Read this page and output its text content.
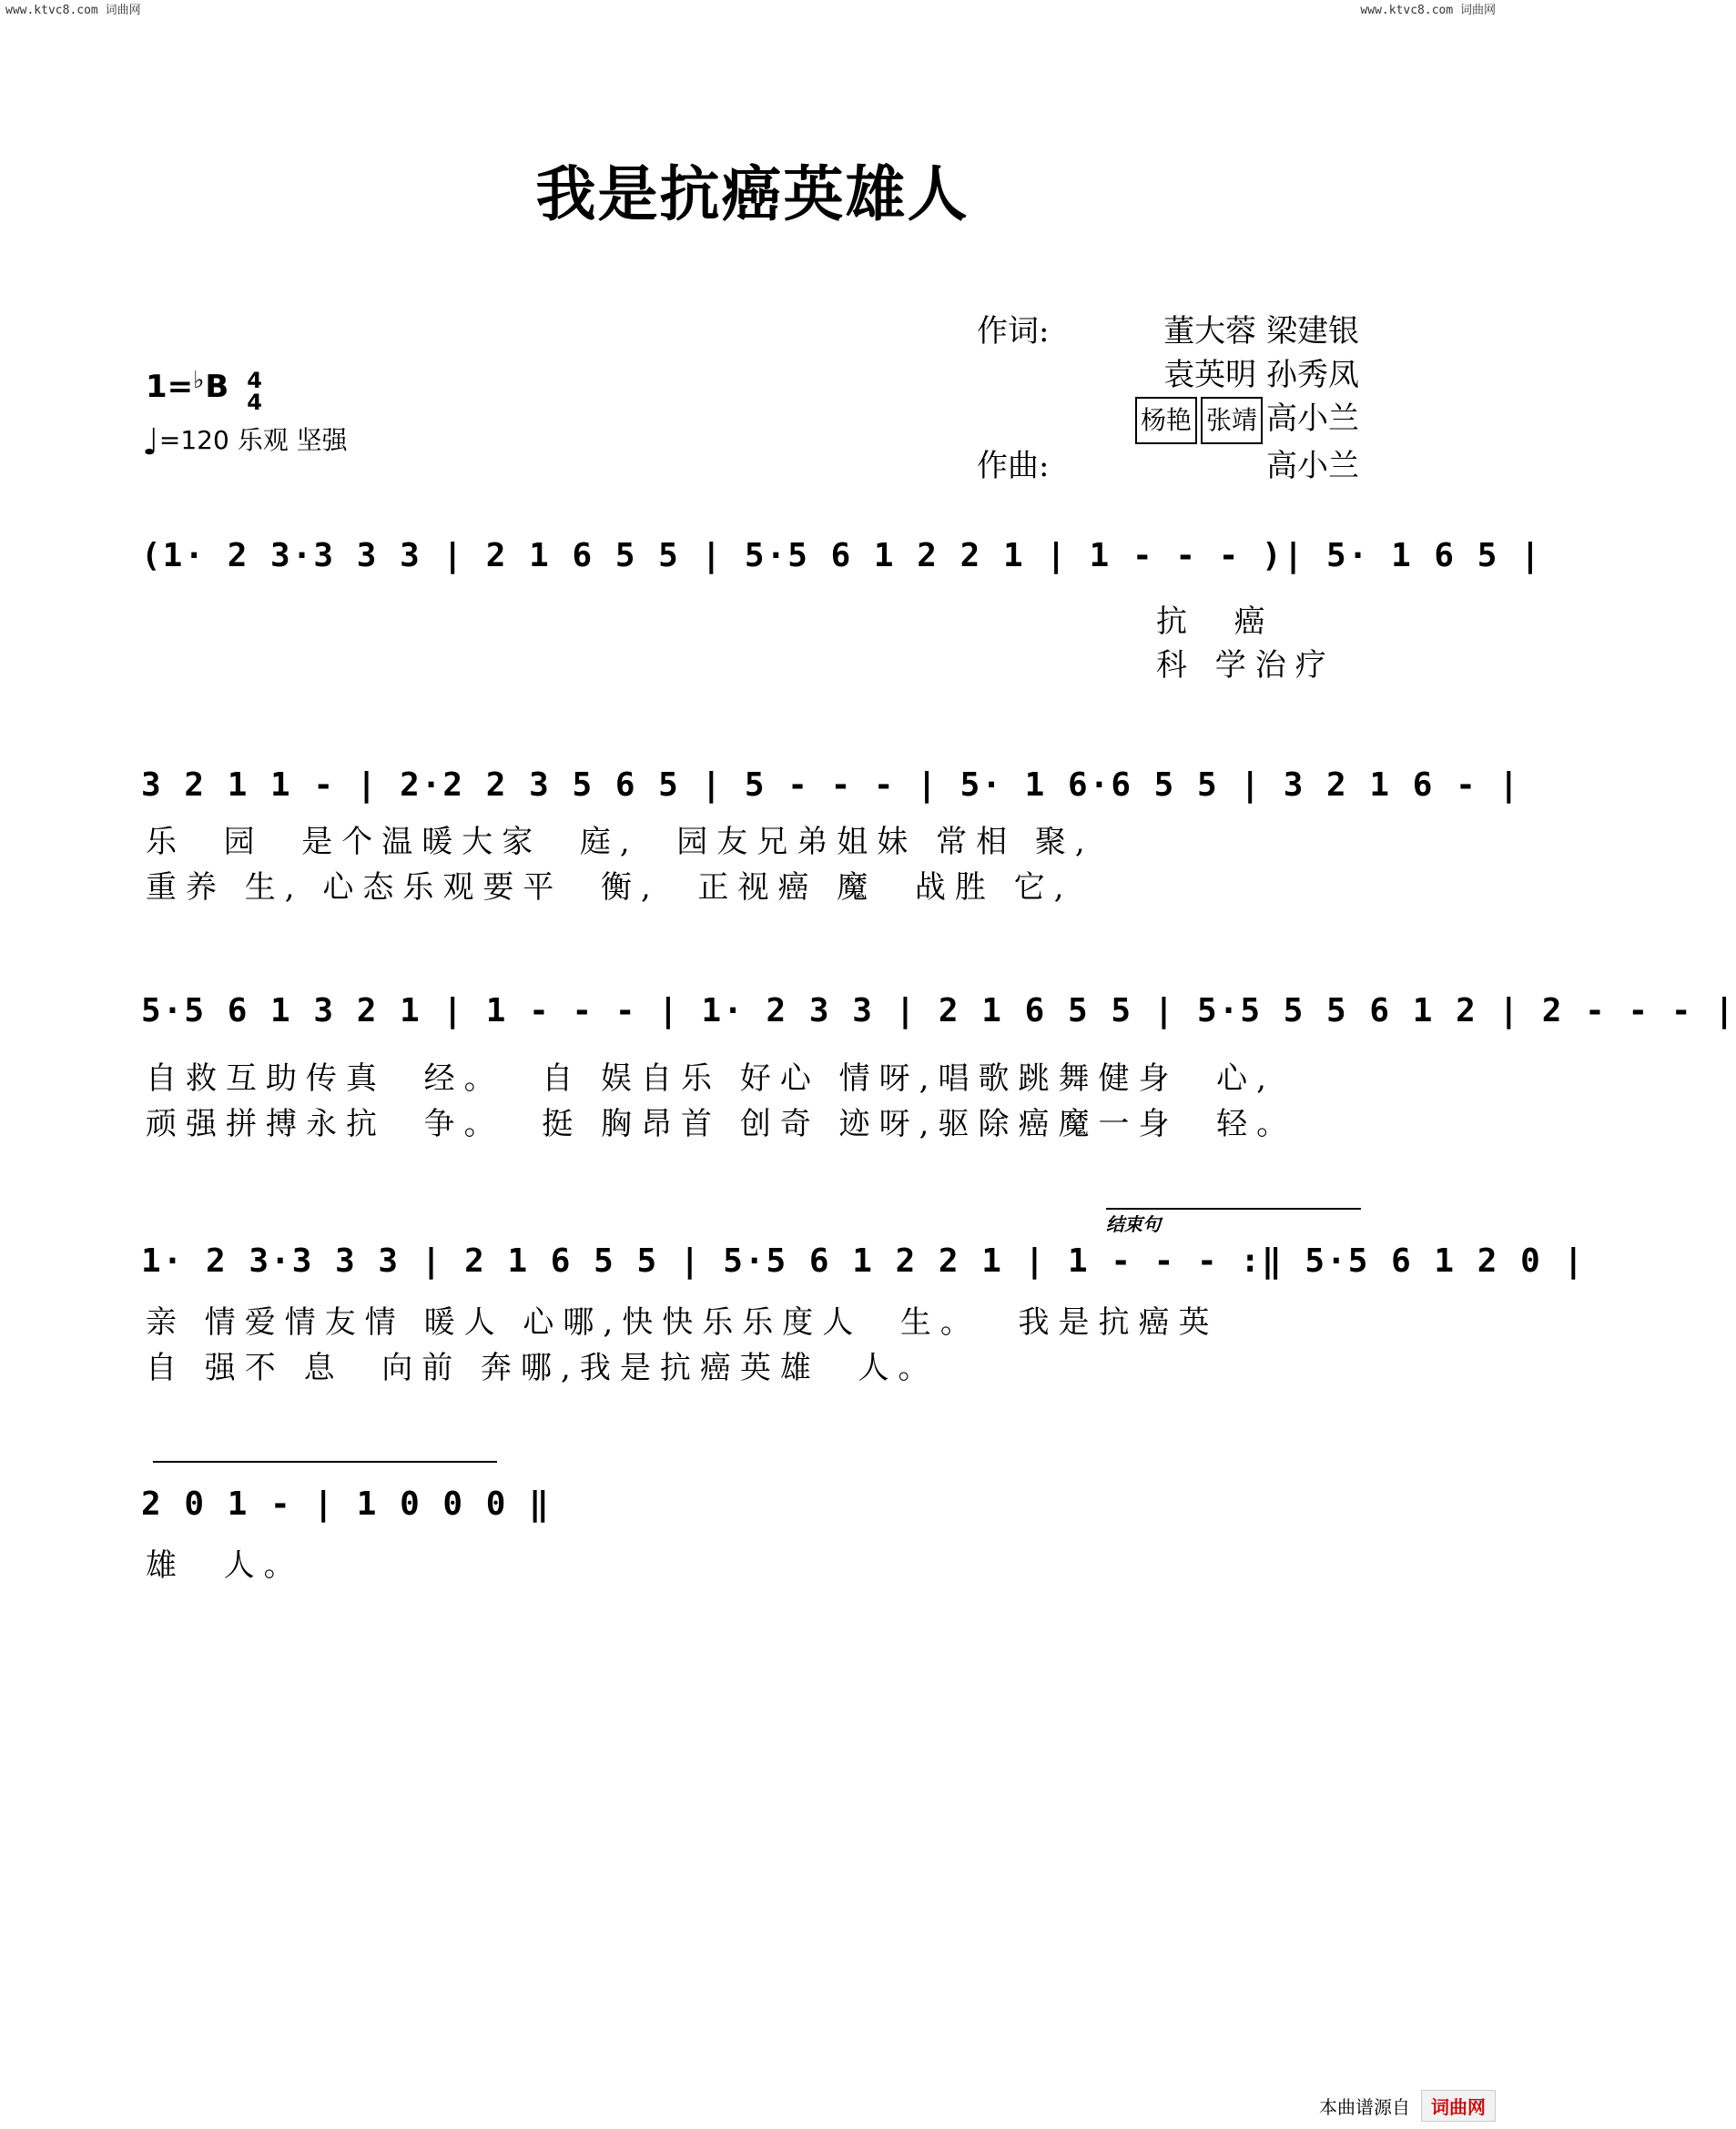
www.ktvc8.com 词曲网	www.ktvc8.com 词曲网
我是抗癌英雄人
作词:	董大蓉 梁建银
袁英明 孙秀凤
杨艳 张靖 高小兰
作曲:	高小兰
1=♭B 4
4
♩=120 乐观 坚强
(1· 2 3·3 3 3 | 2 1 6 5 5 | 5·5 6 1 2 2 1 | 1 - - - )| 5· 1 6 5 |
抗  癌
科 学治疗
3 2 1 1 - | 2·2 2 3 5 6 5 | 5 - - - | 5· 1 6·6 5 5 | 3 2 1 6 - |
乐  园  是个温暖大家  庭,  园友兄弟姐妹 常相 聚,
重养 生, 心态乐观要平  衡,  正视癌 魔  战胜 它,
5·5 6 1 3 2 1 | 1 - - - | 1· 2 3 3 | 2 1 6 5 5 | 5·5 5 5 6 1 2 | 2 - - - |
自救互助传真  经。  自 娱自乐 好心 情呀,唱歌跳舞健身  心,
顽强拼搏永抗  争。  挺 胸昂首 创奇 迹呀,驱除癌魔一身  轻。
结束句
1· 2 3·3 3 3 | 2 1 6 5 5 | 5·5 6 1 2 2 1 | 1 - - - :‖ 5·5 6 1 2 0 |
亲 情爱情友情 暖人 心哪,快快乐乐度人  生。  我是抗癌英
自 强不 息  向前 奔哪,我是抗癌英雄  人。
2 0 1 - | 1 0 0 0 ‖
雄  人。
本曲谱源自	词曲网
